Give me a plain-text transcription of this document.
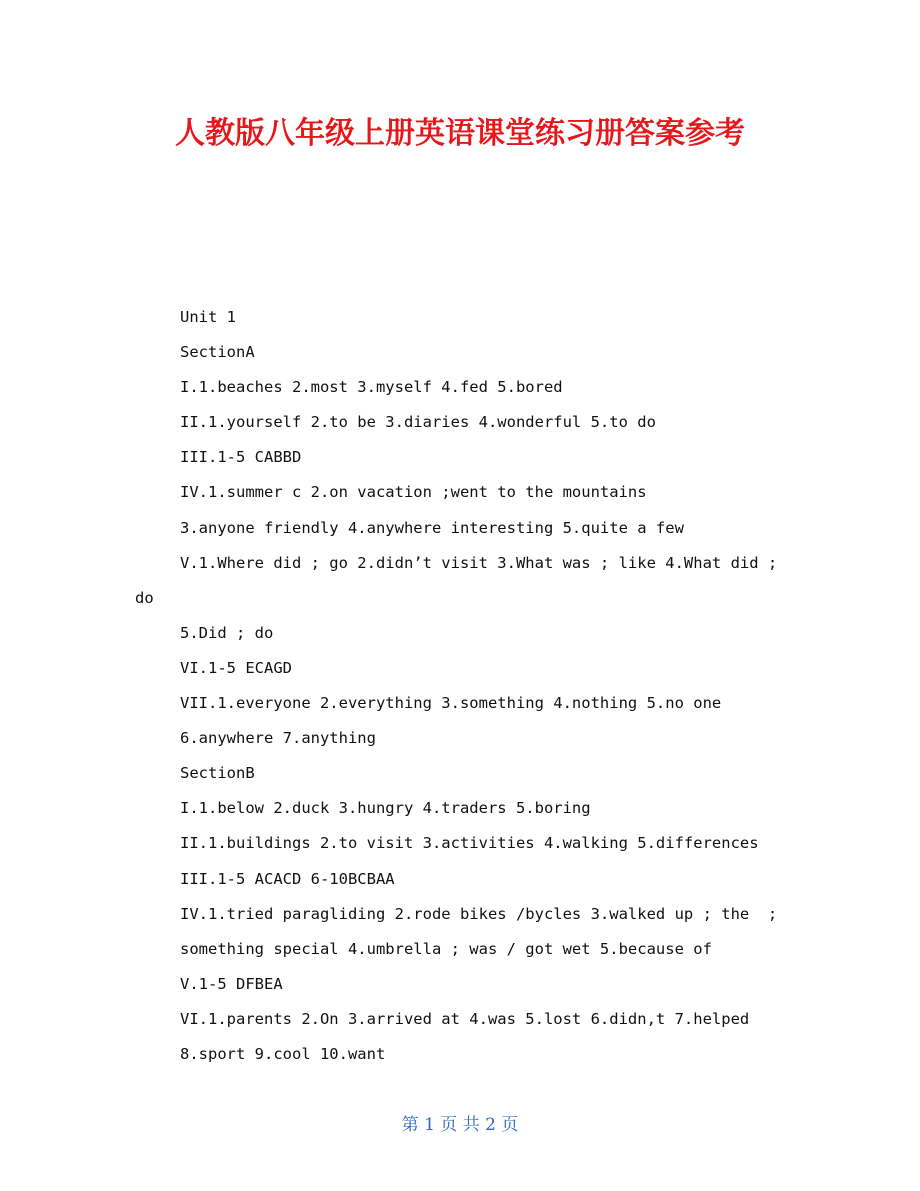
人教版八年级上册英语课堂练习册答案参考
Unit 1
SectionA
I.1.beaches 2.most 3.myself 4.fed 5.bored
II.1.yourself 2.to be 3.diaries 4.wonderful 5.to do
III.1-5 CABBD
IV.1.summer c 2.on vacation ;went to the mountains
3.anyone friendly 4.anywhere interesting 5.quite a few
V.1.Where did ; go 2.didn’t visit 3.What was ; like 4.What did ;
do
5.Did ; do
VI.1-5 ECAGD
VII.1.everyone 2.everything 3.something 4.nothing 5.no one
6.anywhere 7.anything
SectionB
I.1.below 2.duck 3.hungry 4.traders 5.boring
II.1.buildings 2.to visit 3.activities 4.walking 5.differences
III.1-5 ACACD 6-10BCBAA
IV.1.tried paragliding 2.rode bikes /bycles 3.walked up ; the  ;
something special 4.umbrella ; was / got wet 5.because of
V.1-5 DFBEA
VI.1.parents 2.On 3.arrived at 4.was 5.lost 6.didn,t 7.helped
8.sport 9.cool 10.want
第 1 页 共 2 页
